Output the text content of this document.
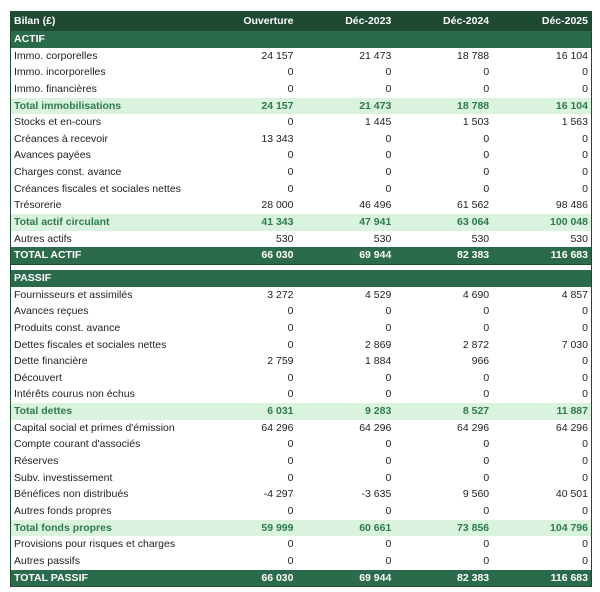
Bilan (£)	Ouverture	Déc-2023	Déc-2024	Déc-2025
ACTIF
Immo. corporelles	24 157	21 473	18 788	16 104
Immo. incorporelles	0	0	0	0
Immo. financières	0	0	0	0
Total immobilisations	24 157	21 473	18 788	16 104
Stocks et en-cours	0	1 445	1 503	1 563
Créances à recevoir	13 343	0	0	0
Avances payées	0	0	0	0
Charges const. avance	0	0	0	0
Créances fiscales et sociales nettes	0	0	0	0
Trésorerie	28 000	46 496	61 562	98 486
Total actif circulant	41 343	47 941	63 064	100 048
Autres actifs	530	530	530	530
TOTAL ACTIF	66 030	69 944	82 383	116 683
PASSIF
Fournisseurs et assimilés	3 272	4 529	4 690	4 857
Avances reçues	0	0	0	0
Produits const. avance	0	0	0	0
Dettes fiscales et sociales nettes	0	2 869	2 872	7 030
Dette financière	2 759	1 884	966	0
Découvert	0	0	0	0
Intérêts courus non échus	0	0	0	0
Total dettes	6 031	9 283	8 527	11 887
Capital social et primes d'émission	64 296	64 296	64 296	64 296
Compte courant d'associés	0	0	0	0
Réserves	0	0	0	0
Subv. investissement	0	0	0	0
Bénéfices non distribués	-4 297	-3 635	9 560	40 501
Autres fonds propres	0	0	0	0
Total fonds propres	59 999	60 661	73 856	104 796
Provisions pour risques et charges	0	0	0	0
Autres passifs	0	0	0	0
TOTAL PASSIF	66 030	69 944	82 383	116 683
